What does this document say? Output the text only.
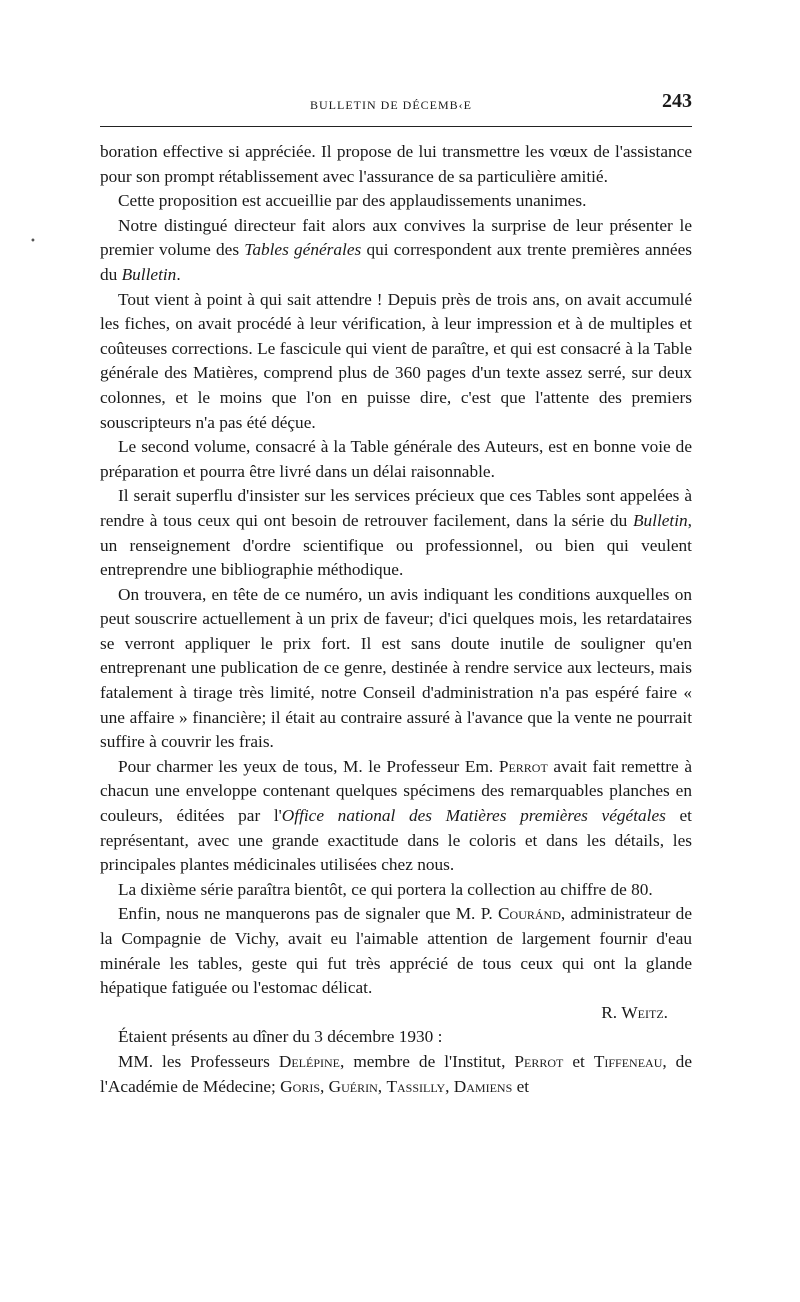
BULLETIN DE DÉCEMB‹E	243
•

boration effective si appréciée. Il propose de lui transmettre les vœux de l'assistance pour son prompt rétablissement avec l'assurance de sa particulière amitié.

Cette proposition est accueillie par des applaudissements unanimes.

Notre distingué directeur fait alors aux convives la surprise de leur présenter le premier volume des Tables générales qui correspondent aux trente premières années du Bulletin.

Tout vient à point à qui sait attendre ! Depuis près de trois ans, on avait accumulé les fiches, on avait procédé à leur vérification, à leur impression et à de multiples et coûteuses corrections. Le fascicule qui vient de paraître, et qui est consacré à la Table générale des Matières, comprend plus de 360 pages d'un texte assez serré, sur deux colonnes, et le moins que l'on en puisse dire, c'est que l'attente des premiers souscripteurs n'a pas été déçue.

Le second volume, consacré à la Table générale des Auteurs, est en bonne voie de préparation et pourra être livré dans un délai raisonnable.

Il serait superflu d'insister sur les services précieux que ces Tables sont appelées à rendre à tous ceux qui ont besoin de retrouver facilement, dans la série du Bulletin, un renseignement d'ordre scientifique ou professionnel, ou bien qui veulent entreprendre une bibliographie méthodique.

On trouvera, en tête de ce numéro, un avis indiquant les conditions auxquelles on peut souscrire actuellement à un prix de faveur; d'ici quelques mois, les retardataires se verront appliquer le prix fort. Il est sans doute inutile de souligner qu'en entreprenant une publication de ce genre, destinée à rendre service aux lecteurs, mais fatalement à tirage très limité, notre Conseil d'administration n'a pas espéré faire « une affaire » financière; il était au contraire assuré à l'avance que la vente ne pourrait suffire à couvrir les frais.

Pour charmer les yeux de tous, M. le Professeur Em. Perrot avait fait remettre à chacun une enveloppe contenant quelques spécimens des remarquables planches en couleurs, éditées par l'Office national des Matières premières végétales et représentant, avec une grande exactitude dans le coloris et dans les détails, les principales plantes médicinales utilisées chez nous.

La dixième série paraîtra bientôt, ce qui portera la collection au chiffre de 80.

Enfin, nous ne manquerons pas de signaler que M. P. Couránd, administrateur de la Compagnie de Vichy, avait eu l'aimable attention de largement fournir d'eau minérale les tables, geste qui fut très apprécié de tous ceux qui ont la glande hépatique fatiguée ou l'estomac délicat.

R. Weitz.

Étaient présents au dîner du 3 décembre 1930 :

MM. les Professeurs Delépine, membre de l'Institut, Perrot et Tiffeneau, de l'Académie de Médecine; Goris, Guérin, Tassilly, Damiens et
